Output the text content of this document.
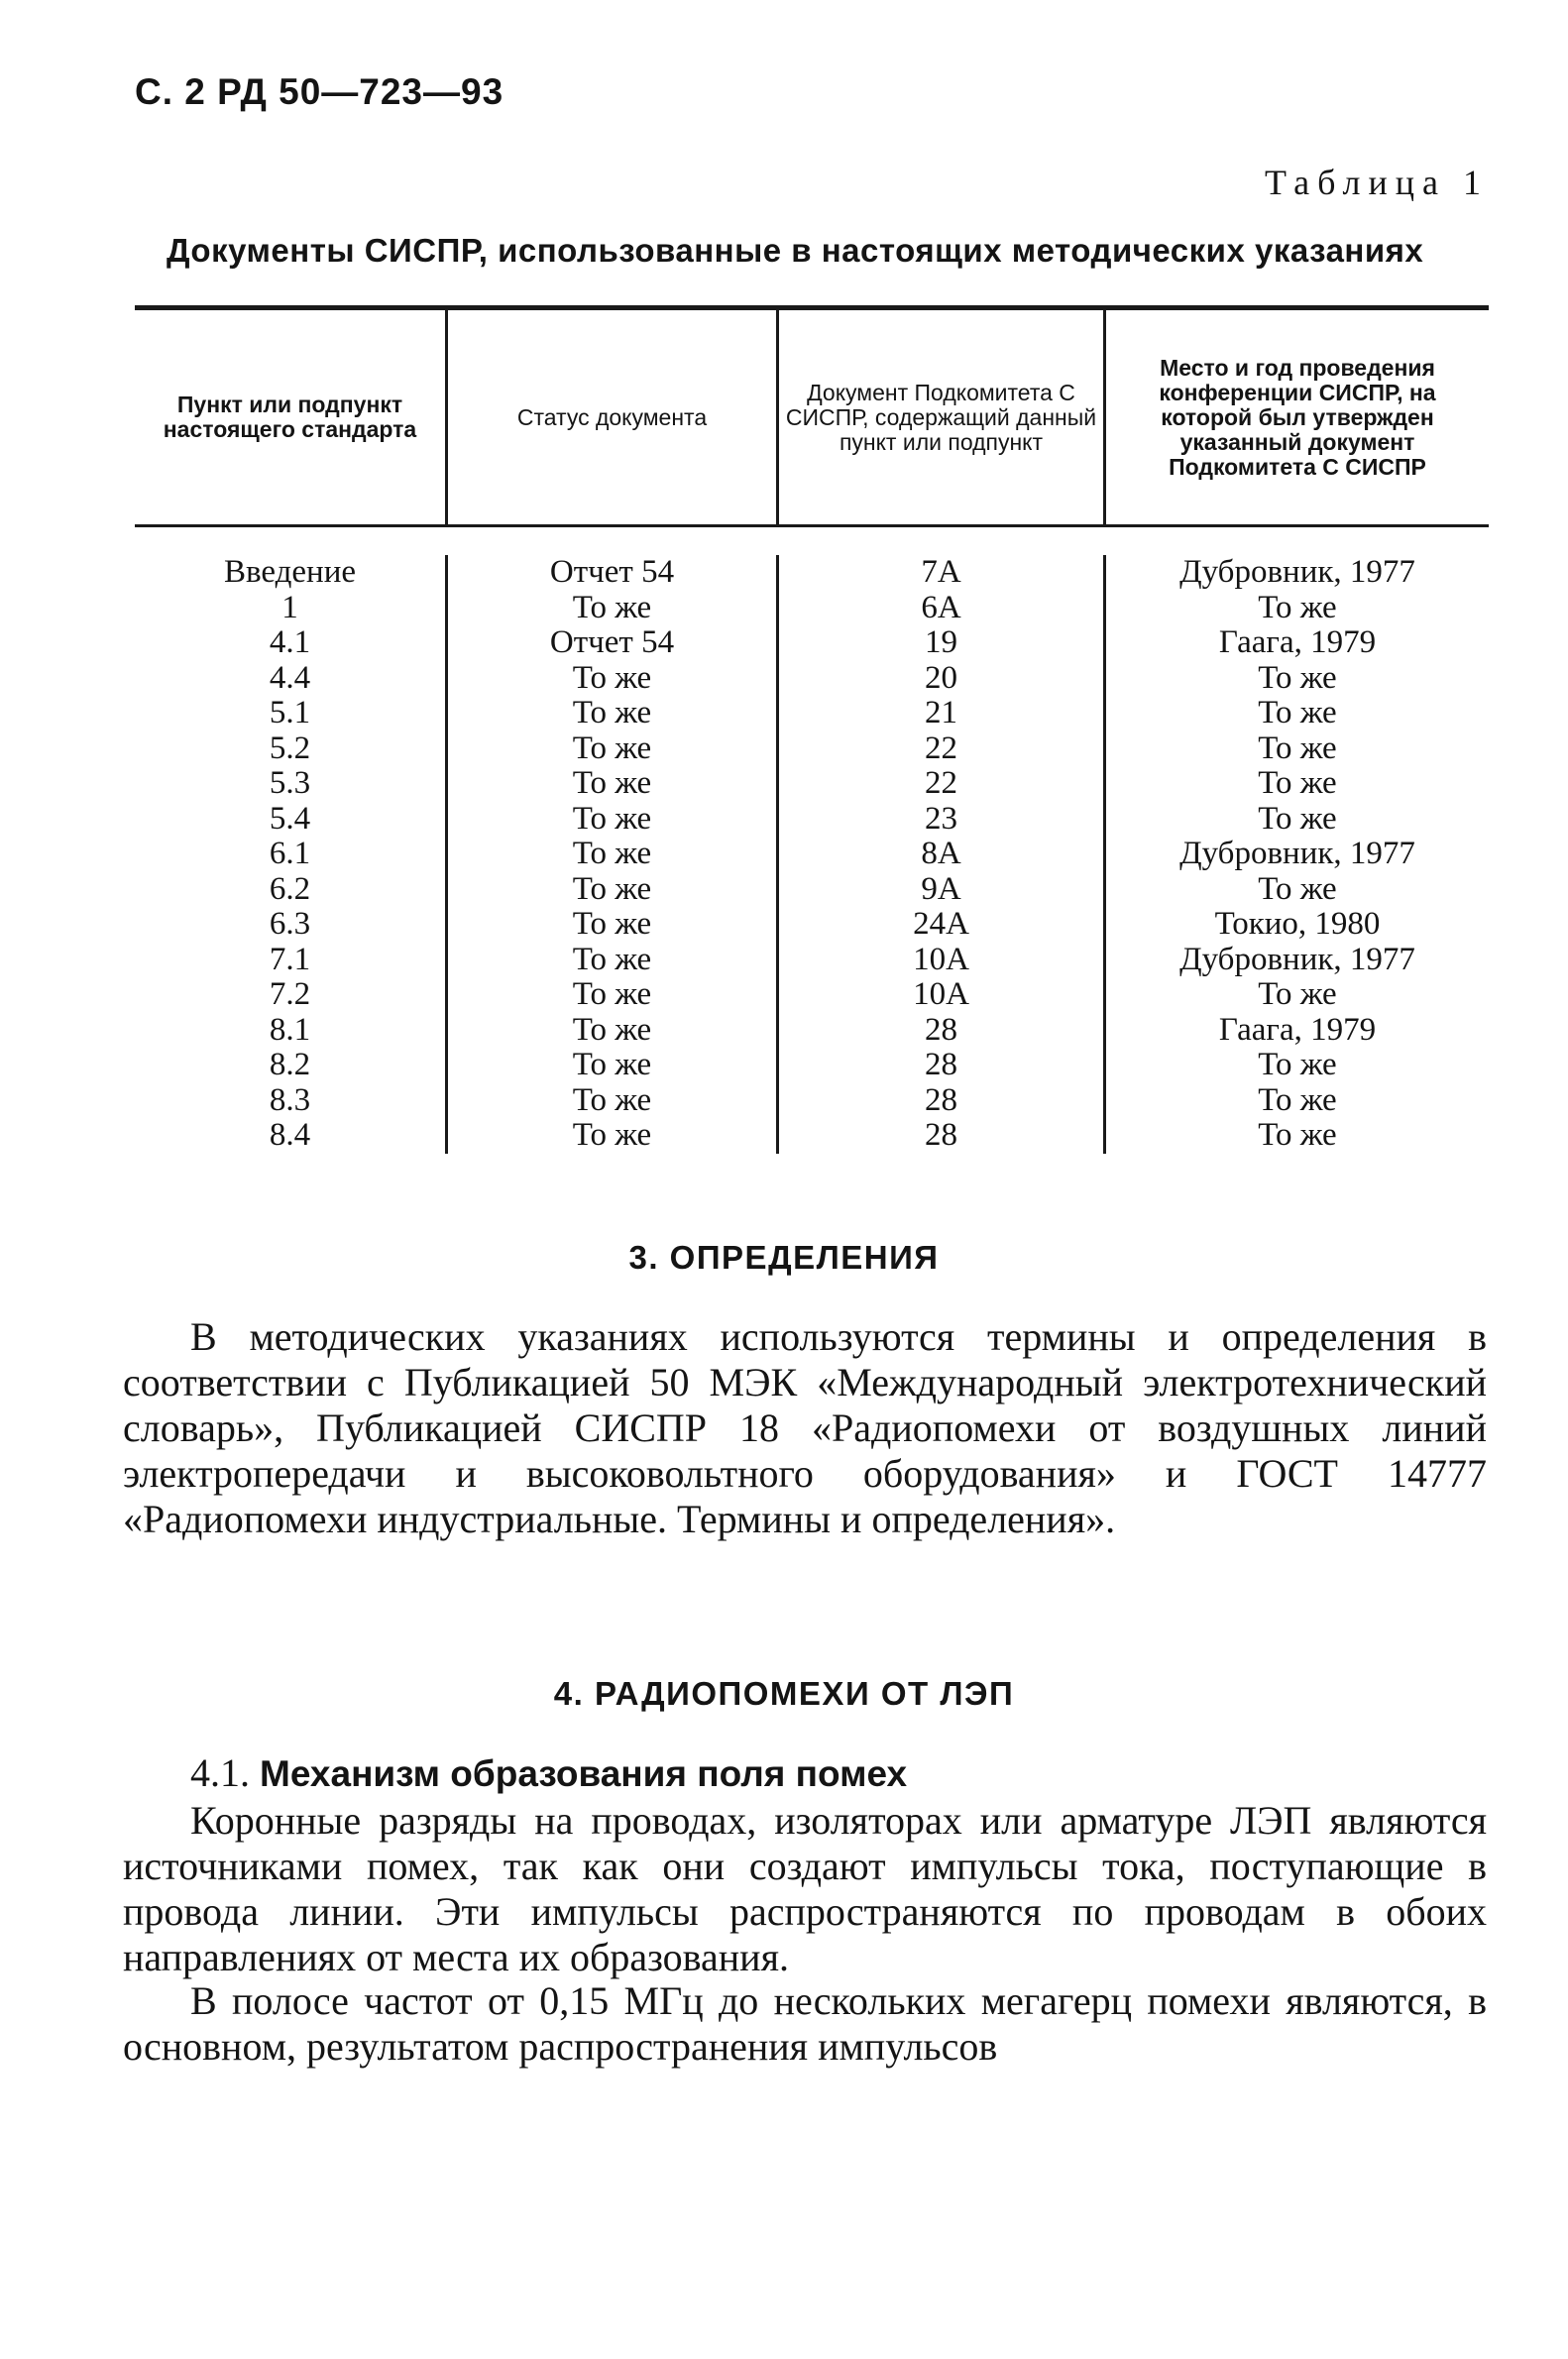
С. 2 РД 50—723—93
Таблица 1
Документы СИСПР, использованные в настоящих методических указаниях
Пункт или подпункт настоящего стандарта	Статус документа
Документ Подкомитета С СИСПР, содержащий данный пункт или подпункт
Место и год проведения конференции СИСПР, на которой был утвержден указанный документ Подкомитета С СИСПР
Введение
1
4.1
4.4
5.1
5.2
5.3
5.4
6.1
6.2
6.3
7.1
7.2
8.1
8.2
8.3
8.4
Отчет 54
То же
Отчет 54
То же
То же
То же
То же
То же
То же
То же
То же
То же
То же
То же
То же
То же
То же
7А
6А
19
20
21
22
22
23
8А
9А
24А
10А
10А
28
28
28
28
Дубровник, 1977
То же
Гаага, 1979
То же
То же
То же
То же
То же
Дубровник, 1977
То же
Токио, 1980
Дубровник, 1977
То же
Гаага, 1979
То же
То же
То же
3. ОПРЕДЕЛЕНИЯ

В методических указаниях используются термины и определения в соответствии с Публикацией 50 МЭК «Международный электротехнический словарь», Публикацией СИСПР 18 «Радиопомехи от воздушных линий электропередачи и высоковольтного оборудования» и ГОСТ 14777 «Радиопомехи индустриальные. Термины и определения».

4. РАДИОПОМЕХИ ОТ ЛЭП
4.1. Механизм образования поля помех

Коронные разряды на проводах, изоляторах или арматуре ЛЭП являются источниками помех, так как они создают импульсы тока, поступающие в провода линии. Эти импульсы распространяются по проводам в обоих направлениях от места их образования.

В полосе частот от 0,15 МГц до нескольких мегагерц помехи являются, в основном, результатом распространения импульсов
